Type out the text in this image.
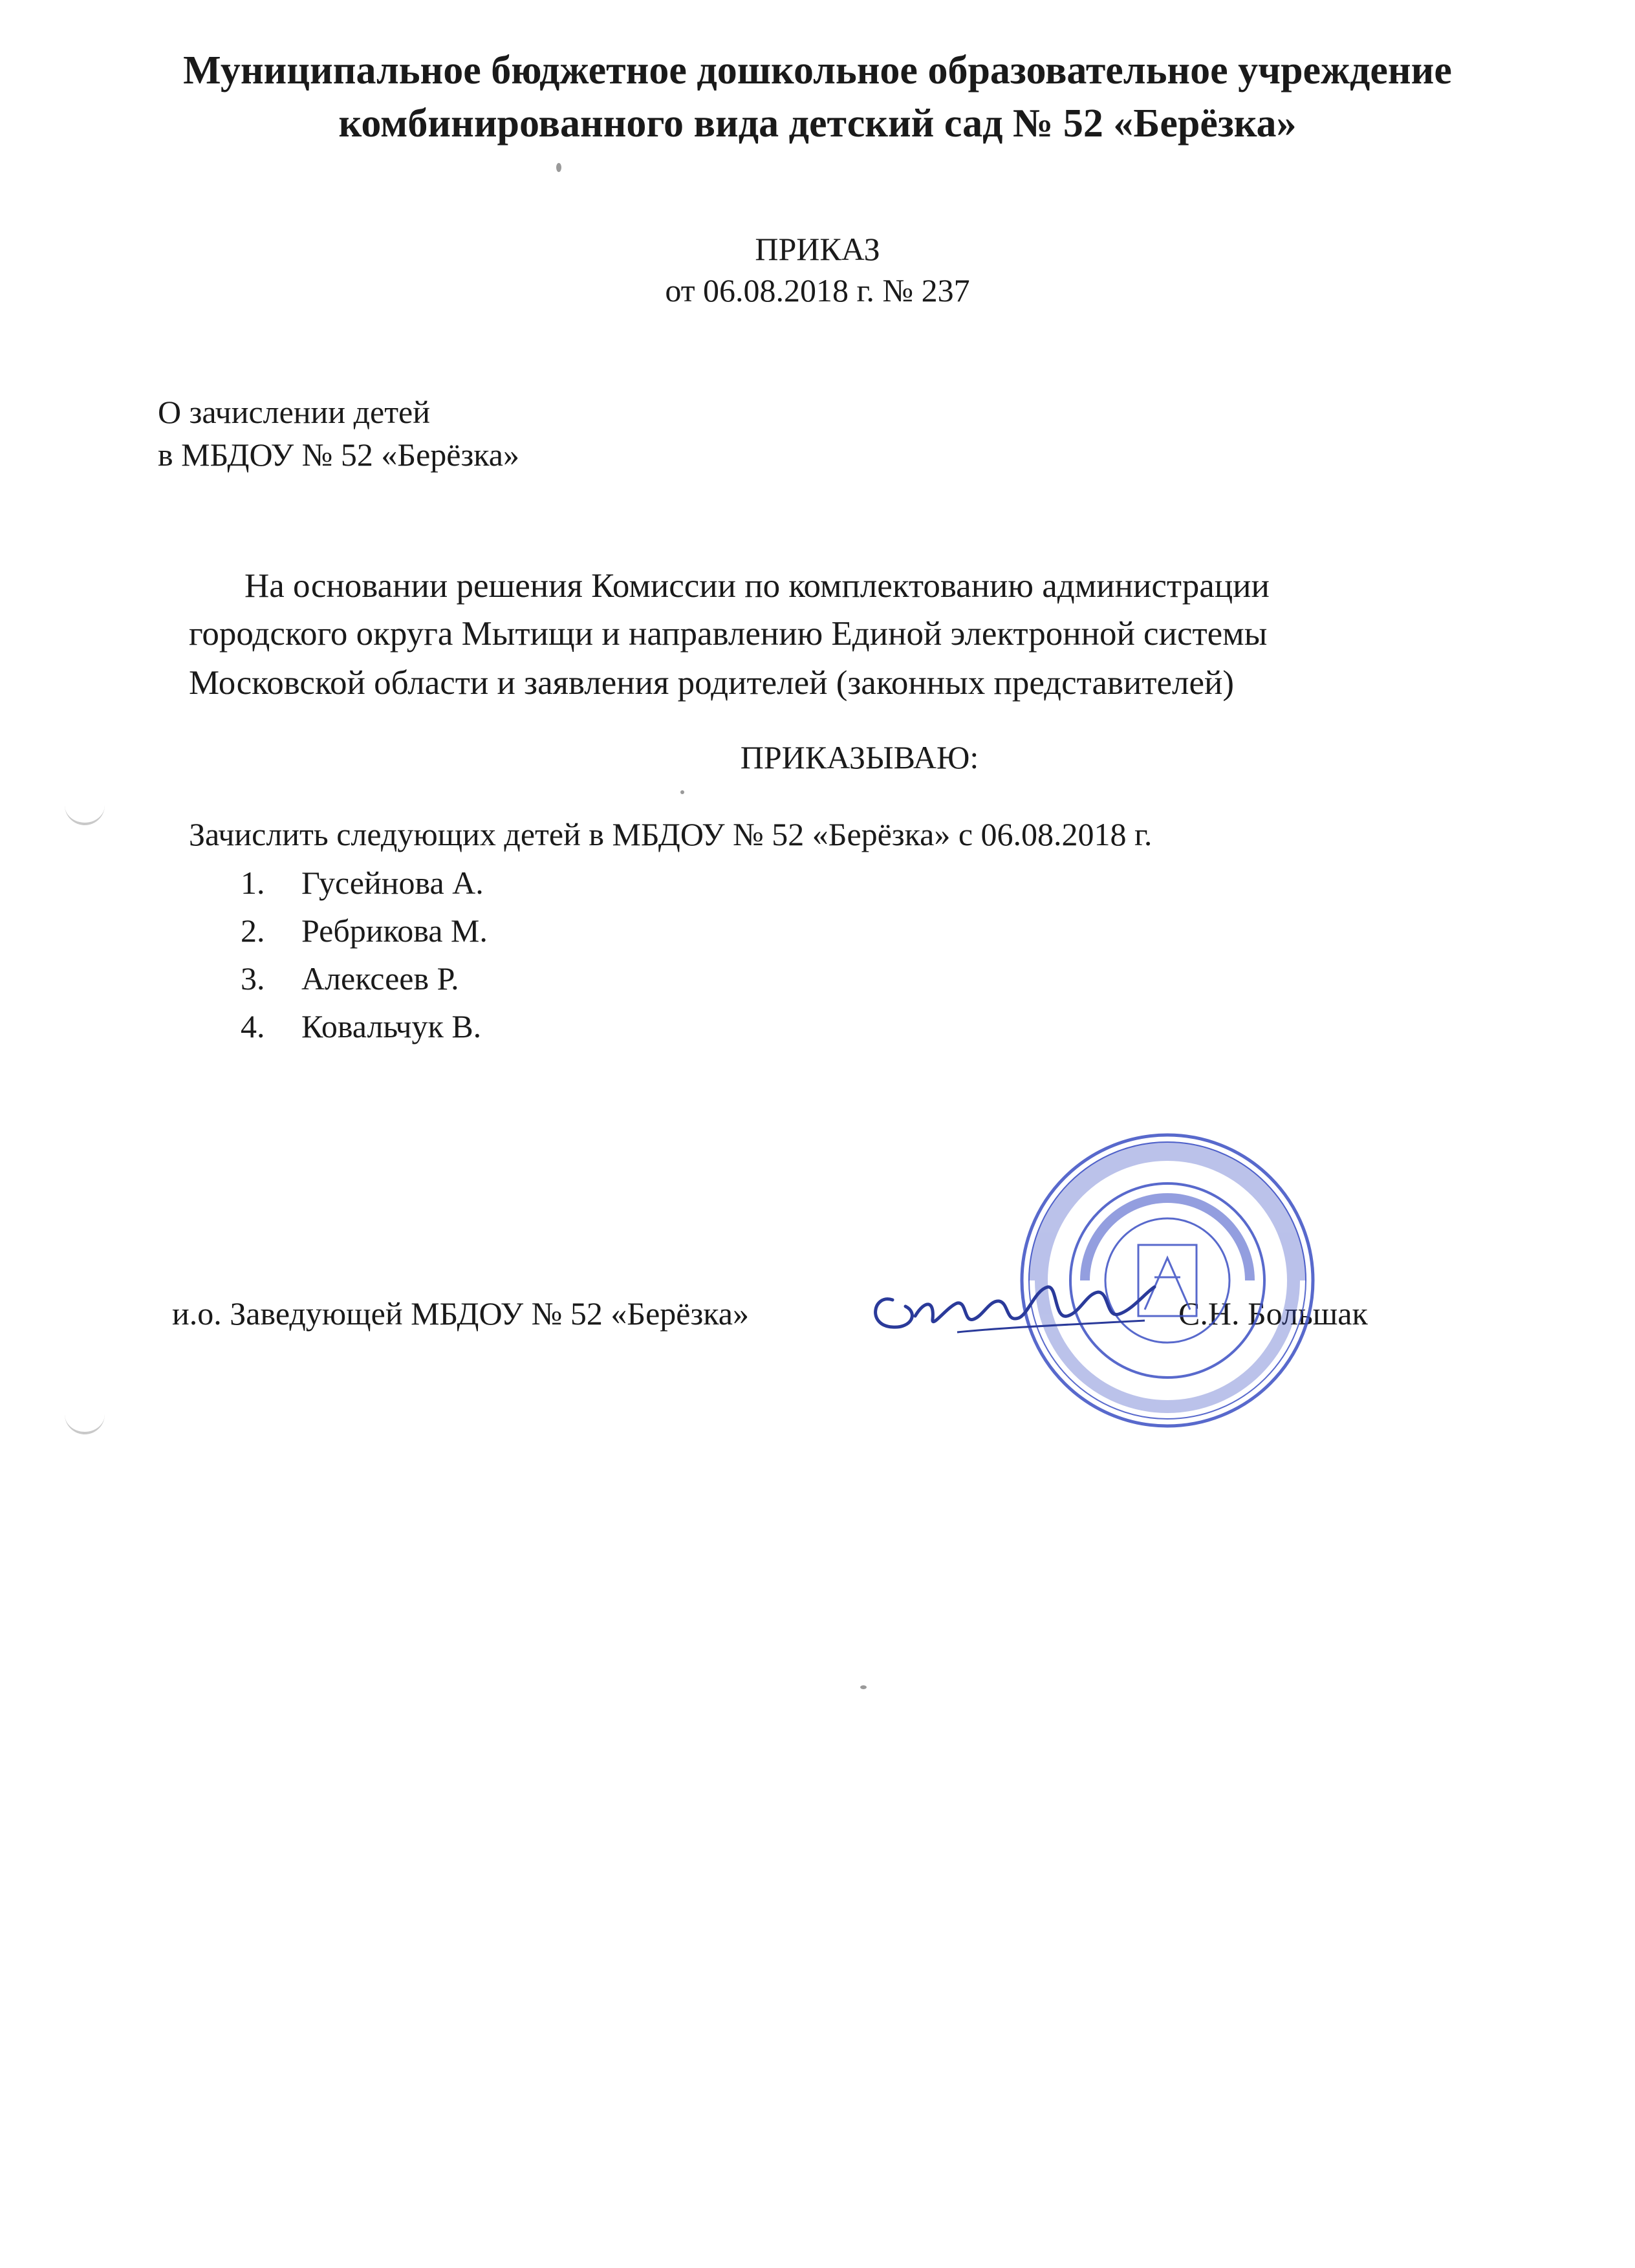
Муниципальное бюджетное дошкольное образовательное учреждение
комбинированного вида детский сад № 52 «Берёзка»
ПРИКАЗ
от 06.08.2018 г. № 237
О зачислении детей
в МБДОУ № 52 «Берёзка»
На основании решения Комиссии по комплектованию администрации
городского округа Мытищи и направлению Единой электронной системы
Московской области и заявления родителей (законных представителей)
ПРИКАЗЫВАЮ:
Зачислить следующих детей в МБДОУ № 52 «Берёзка» с 06.08.2018 г.
1. Гусейнова А.
2. Ребрикова М.
3. Алексеев Р.
4. Ковальчук В.
и.о. Заведующей МБДОУ № 52 «Берёзка»	С.Н. Большак
